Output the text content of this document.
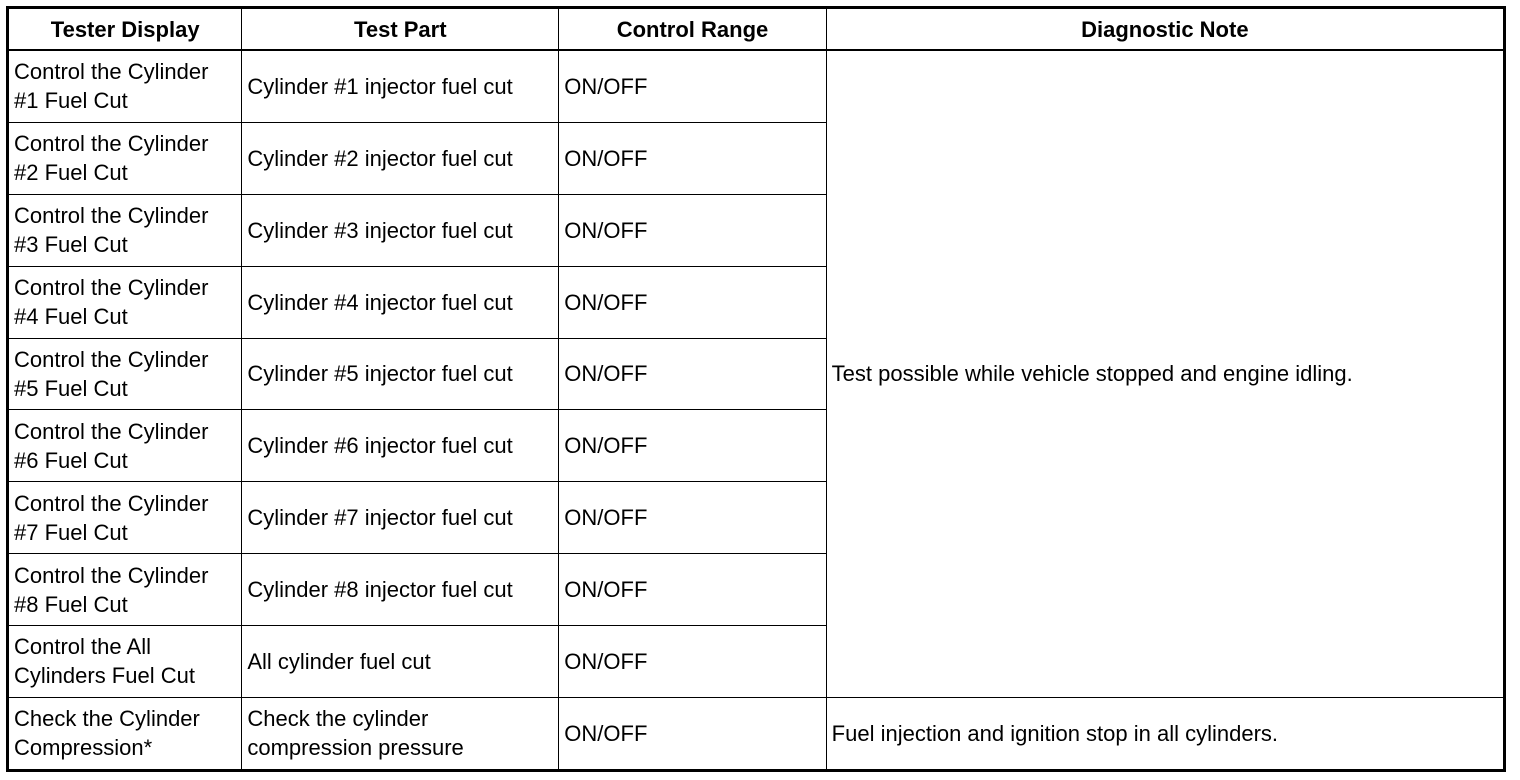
Tester Display	Test Part	Control Range	Diagnostic Note
Control the Cylinder #1 Fuel Cut	Cylinder #1 injector fuel cut	ON/OFF	Test possible while vehicle stopped and engine idling.
Control the Cylinder #2 Fuel Cut	Cylinder #2 injector fuel cut	ON/OFF	
Control the Cylinder #3 Fuel Cut	Cylinder #3 injector fuel cut	ON/OFF	
Control the Cylinder #4 Fuel Cut	Cylinder #4 injector fuel cut	ON/OFF	
Control the Cylinder #5 Fuel Cut	Cylinder #5 injector fuel cut	ON/OFF	
Control the Cylinder #6 Fuel Cut	Cylinder #6 injector fuel cut	ON/OFF	
Control the Cylinder #7 Fuel Cut	Cylinder #7 injector fuel cut	ON/OFF	
Control the Cylinder #8 Fuel Cut	Cylinder #8 injector fuel cut	ON/OFF	
Control the All Cylinders Fuel Cut	All cylinder fuel cut	ON/OFF	
Check the Cylinder Compression*	Check the cylinder compression pressure	ON/OFF	Fuel injection and ignition stop in all cylinders.
